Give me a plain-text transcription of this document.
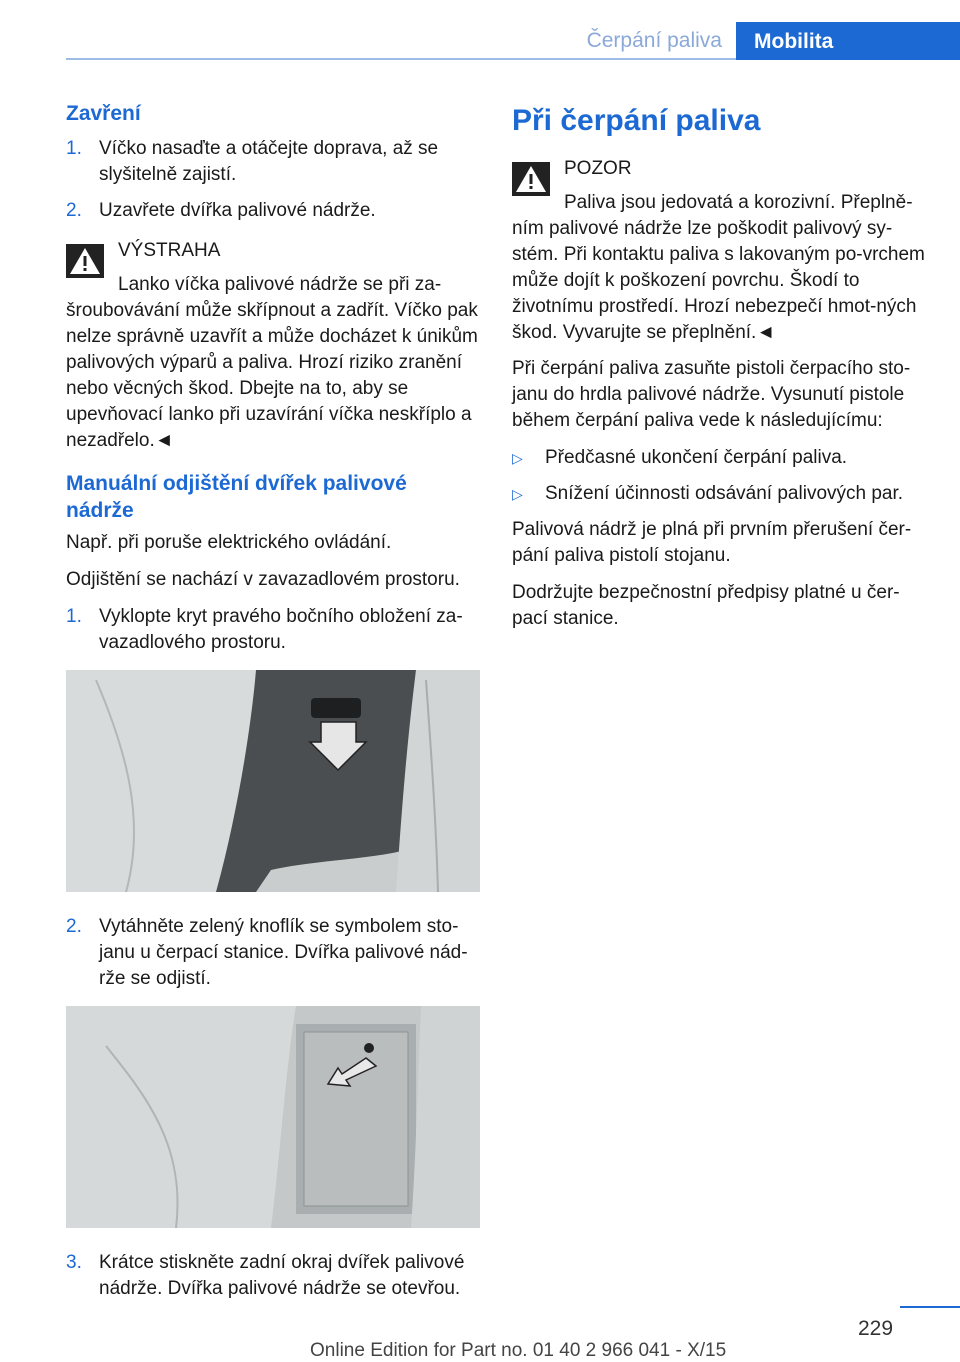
Čerpání paliva Mobilita
Zavření
1. Víčko nasaďte a otáčejte doprava, až se slyšitelně zajistí.
2. Uzavřete dvířka palivové nádrže.
VÝSTRAHA
Lanko víčka palivové nádrže se při za‐šroubovávání může skřípnout a zadřít. Víčko pak nelze správně uzavřít a může docházet k únikům palivových výparů a paliva. Hrozí riziko zranění nebo věcných škod. Dbejte na to, aby se upevňovací lanko při uzavírání víčka neskříplo a nezadřelo.◄
Manuální odjištění dvířek palivové nádrže

Např. při poruše elektrického ovládání.

Odjištění se nachází v zavazadlovém prostoru.

1. Vyklopte kryt pravého bočního obložení za‐vazadlového prostoru.
2. Vytáhněte zelený knoflík se symbolem sto‐janu u čerpací stanice. Dvířka palivové nád‐rže se odjistí.
3. Krátce stiskněte zadní okraj dvířek palivové nádrže. Dvířka palivové nádrže se otevřou.
Při čerpání paliva
POZOR
Paliva jsou jedovatá a korozivní. Přeplně‐ním palivové nádrže lze poškodit palivový sy‐stém. Při kontaktu paliva s lakovaným po‐vrchem může dojít k poškození povrchu. Škodí to životnímu prostředí. Hrozí nebezpečí hmot‐ných škod. Vyvarujte se přeplnění.◄

Při čerpání paliva zasuňte pistoli čerpacího sto‐janu do hrdla palivové nádrže. Vysunutí pistole během čerpání paliva vede k následujícímu:

▷ Předčasné ukončení čerpání paliva.
▷ Snížení účinnosti odsávání palivových par.

Palivová nádrž je plná při prvním přerušení čer‐pání paliva pistolí stojanu.

Dodržujte bezpečnostní předpisy platné u čer‐pací stanice.

229
Online Edition for Part no. 01 40 2 966 041 - X/15
